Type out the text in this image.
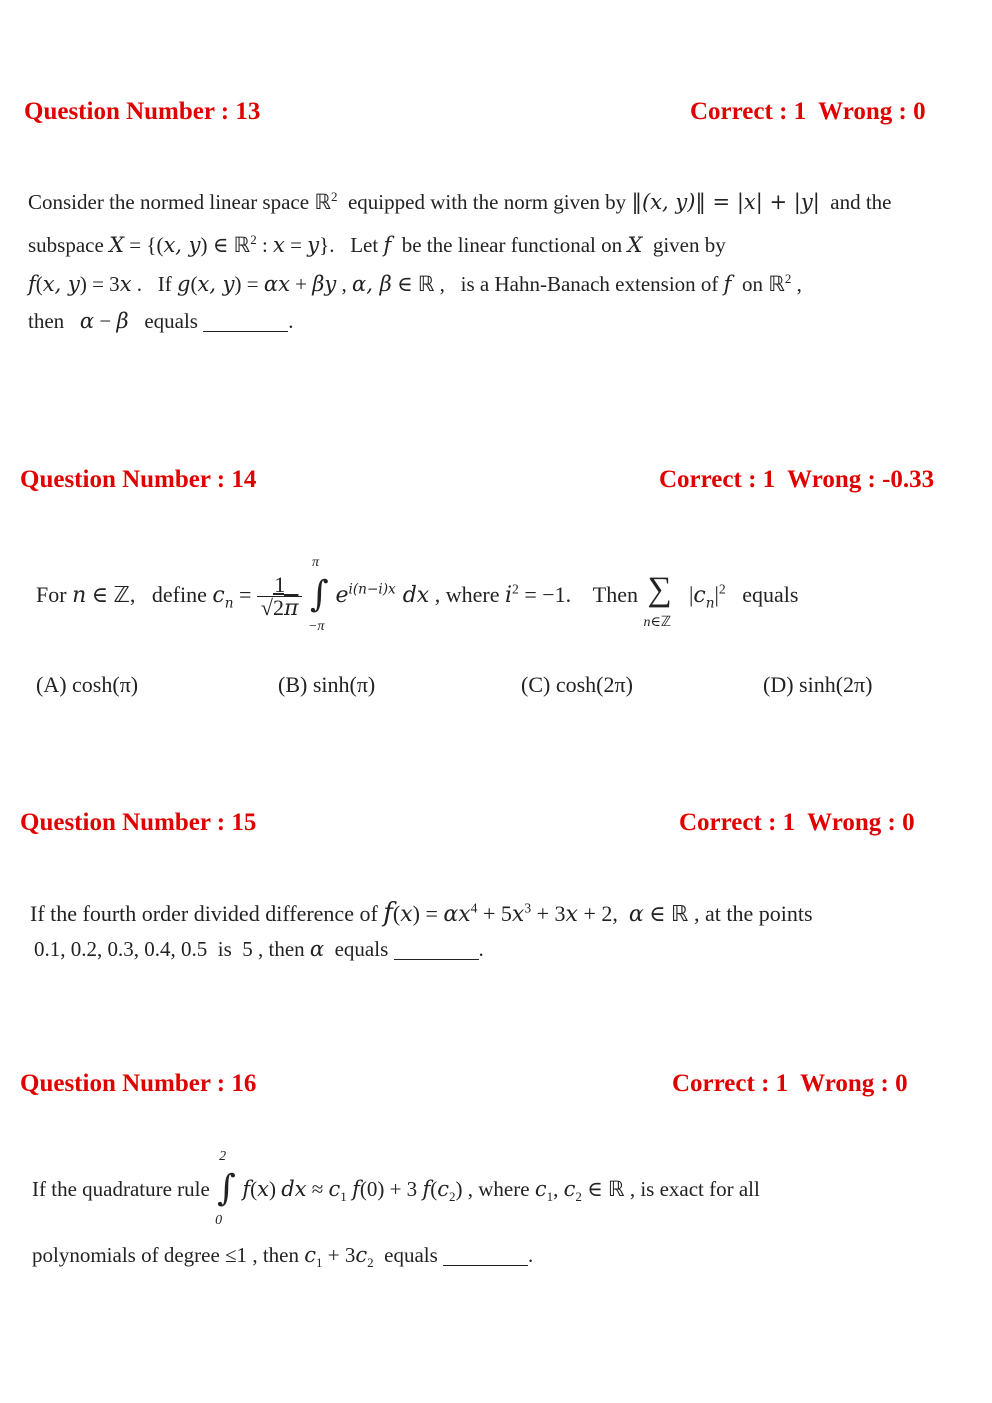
Question Number : 13	Correct : 1  Wrong : 0
Consider the normed linear space ℝ$^2$ equipped with the norm given by ‖(x, y)‖ = |x| + |y| and the
subspace X = {(x, y) ∈ ℝ$^2$ : x = y}.   Let f be the linear functional on X given by
f(x, y) = 3x .   If g(x, y) = αx + βy , α, β ∈ ℝ ,   is a Hahn-Banach extension of f on ℝ$^2$ ,
then α − β equals	.
Question Number : 14	Correct : 1  Wrong : -0.33
For n ∈ ℤ,   define $c_n = \frac{1}{√2\pi}$

π
∫
−π
$e^{i(n-i)x}$ dx , where $i^2 = -1$.    Then ∑
n∈ℤ
$|c_n|^2$ equals
(A) cosh(π)	(B) sinh(π)	(C) cosh(2π)	(D) sinh(2π)
Question Number : 15	Correct : 1  Wrong : 0
If the fourth order divided difference of $f(x) = \alpha x^4 + 5x^3 + 3x + 2$,  α ∈ ℝ , at the points
0.1, 0.2, 0.3, 0.4, 0.5 is 5 , then α equals	.
Question Number : 16	Correct : 1  Wrong : 0
If the quadrature rule
2
∫
0
f(x) dx ≈ $c_1$ f(0) + 3 $f(c_2)$ , where $c_1$, $c_2$ ∈ ℝ , is exact for all
polynomials of degree ≤1 , then $c_1 + 3c_2$ equals	.
